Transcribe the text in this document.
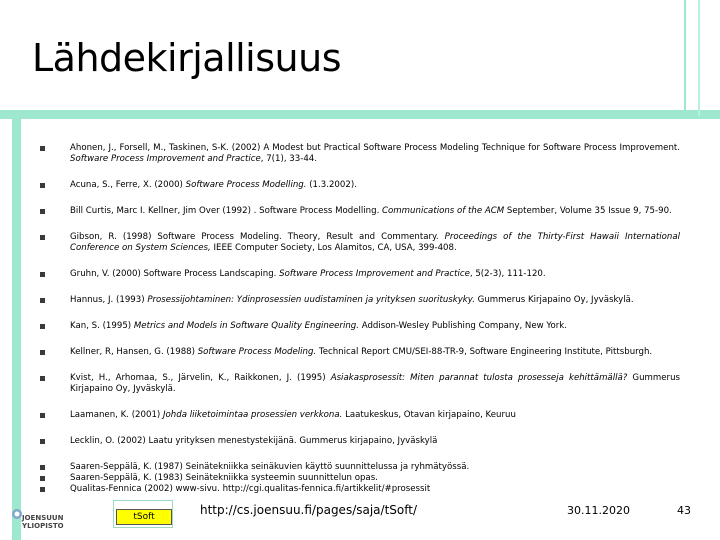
Lähdekirjallisuus
Ahonen, J., Forsell, M., Taskinen, S-K. (2002) A Modest but Practical Software Process Modeling Technique for Software Process Improvement. Software Process Improvement and Practice, 7(1), 33-44.
Acuna, S., Ferre, X. (2000) Software Process Modelling. (1.3.2002).
Bill Curtis, Marc I. Kellner, Jim Over (1992) . Software Process Modelling. Communications of the ACM September, Volume 35 Issue 9, 75-90.
Gibson, R. (1998) Software Process Modeling. Theory, Result and Commentary. Proceedings of the Thirty-First Hawaii International Conference on System Sciences, IEEE Computer Society, Los Alamitos, CA, USA, 399-408.
Gruhn, V. (2000) Software Process Landscaping. Software Process Improvement and Practice, 5(2-3), 111-120.
Hannus, J. (1993) Prosessijohtaminen: Ydinprosessien uudistaminen ja yrityksen suorituskyky. Gummerus Kirjapaino Oy, Jyväskylä.
Kan, S. (1995) Metrics and Models in Software Quality Engineering. Addison-Wesley Publishing Company, New York.
Kellner, R, Hansen, G. (1988) Software Process Modeling. Technical Report CMU/SEI-88-TR-9, Software Engineering Institute, Pittsburgh.
Kvist, H., Arhomaa, S., Järvelin, K., Raikkonen, J. (1995) Asiakasprosessit: Miten parannat tulosta prosesseja kehittämällä? Gummerus Kirjapaino Oy, Jyväskylä.
Laamanen, K. (2001) Johda liiketoimintaa prosessien verkkona. Laatukeskus, Otavan kirjapaino, Keuruu
Lecklin, O. (2002) Laatu yrityksen menestystekijänä. Gummerus kirjapaino, Jyväskylä
Saaren-Seppälä, K. (1987) Seinätekniikka seinäkuvien käyttö suunnittelussa ja ryhmätyössä.
Saaren-Seppälä, K. (1983) Seinätekniikka systeemin suunnittelun opas.
Qualitas-Fennica (2002) www-sivu. http://cgi.qualitas-fennica.fi/artikkelit/#prosessit
JOENSUUN
YLIOPISTO
tSoft	http://cs.joensuu.fi/pages/saja/tSoft/	30.11.2020	43
